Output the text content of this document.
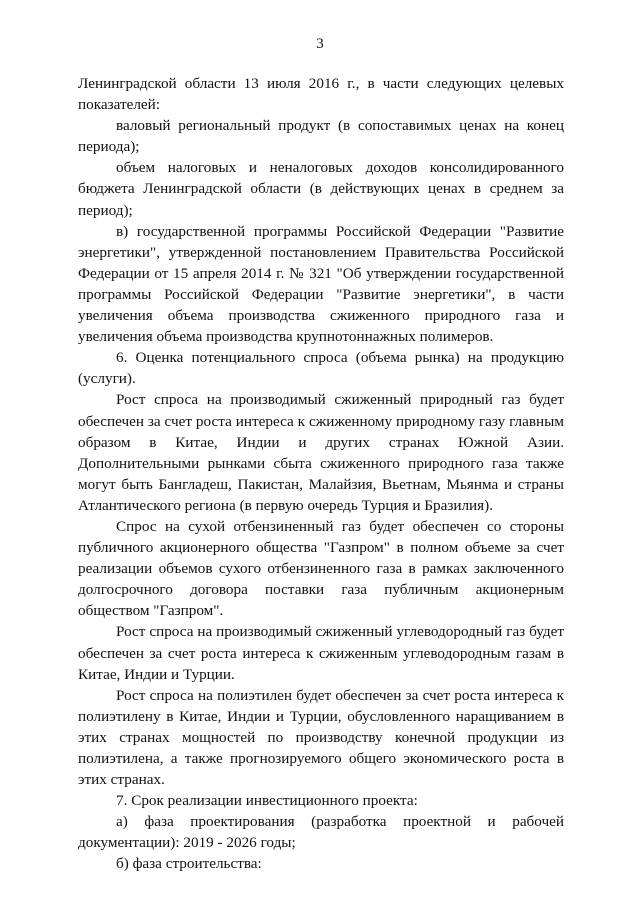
3

Ленинградской области 13 июля 2016 г., в части следующих целевых показателей:

валовый региональный продукт (в сопоставимых ценах на конец периода);

объем налоговых и неналоговых доходов консолидированного бюджета Ленинградской области (в действующих ценах в среднем за период);

в) государственной программы Российской Федерации "Развитие энергетики", утвержденной постановлением Правительства Российской Федерации от 15 апреля 2014 г. № 321 "Об утверждении государственной программы Российской Федерации "Развитие энергетики", в части увеличения объема производства сжиженного природного газа и увеличения объема производства крупнотоннажных полимеров.

6. Оценка потенциального спроса (объема рынка) на продукцию (услуги).

Рост спроса на производимый сжиженный природный газ будет обеспечен за счет роста интереса к сжиженному природному газу главным образом в Китае, Индии и других странах Южной Азии. Дополнительными рынками сбыта сжиженного природного газа также могут быть Бангладеш, Пакистан, Малайзия, Вьетнам, Мьянма и страны Атлантического региона (в первую очередь Турция и Бразилия).

Спрос на сухой отбензиненный газ будет обеспечен со стороны публичного акционерного общества "Газпром" в полном объеме за счет реализации объемов сухого отбензиненного газа в рамках заключенного долгосрочного договора поставки газа публичным акционерным обществом "Газпром".

Рост спроса на производимый сжиженный углеводородный газ будет обеспечен за счет роста интереса к сжиженным углеводородным газам в Китае, Индии и Турции.

Рост спроса на полиэтилен будет обеспечен за счет роста интереса к полиэтилену в Китае, Индии и Турции, обусловленного наращиванием в этих странах мощностей по производству конечной продукции из полиэтилена, а также прогнозируемого общего экономического роста в этих странах.

7. Срок реализации инвестиционного проекта:

а) фаза проектирования (разработка проектной и рабочей документации): 2019 - 2026 годы;

б) фаза строительства:
